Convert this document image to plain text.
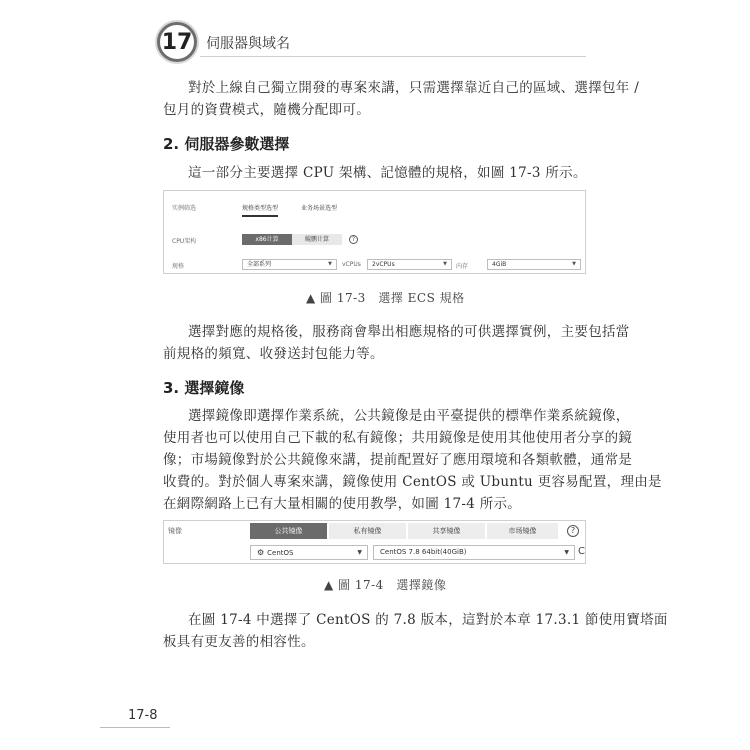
17 伺服器與域名
對於上線自己獨立開發的專案來講，只需選擇靠近自己的區域、選擇包年 /
包月的資費模式，隨機分配即可。
2. 伺服器參數選擇
這一部分主要選擇 CPU 架構、記憶體的規格，如圖 17-3 所示。
实例筛选	规格类型选型	业务场景选型
CPU架构	x86计算	鲲鹏计算	?
规格	全部系列	▼ vCPUs	2vCPUs	▼ 内存	4GiB	▼
▲ 圖 17-3　選擇 ECS 規格
選擇對應的規格後，服務商會舉出相應規格的可供選擇實例，主要包括當
前規格的頻寬、收發送封包能力等。
3. 選擇鏡像
選擇鏡像即選擇作業系統，公共鏡像是由平臺提供的標準作業系統鏡像，
使用者也可以使用自己下載的私有鏡像；共用鏡像是使用其他使用者分享的鏡
像；市場鏡像對於公共鏡像來講，提前配置好了應用環境和各類軟體，通常是
收費的。對於個人專案來講，鏡像使用 CentOS 或 Ubuntu 更容易配置，理由是
在網際網路上已有大量相關的使用教學，如圖 17-4 所示。
镜像	公共镜像	私有镜像	共享镜像	市场镜像	?
⚙ CentOS	▼	CentOS 7.8 64bit(40GiB)	▼ C
▲ 圖 17-4　選擇鏡像
在圖 17-4 中選擇了 CentOS 的 7.8 版本，這對於本章 17.3.1 節使用寶塔面
板具有更友善的相容性。
17-8
